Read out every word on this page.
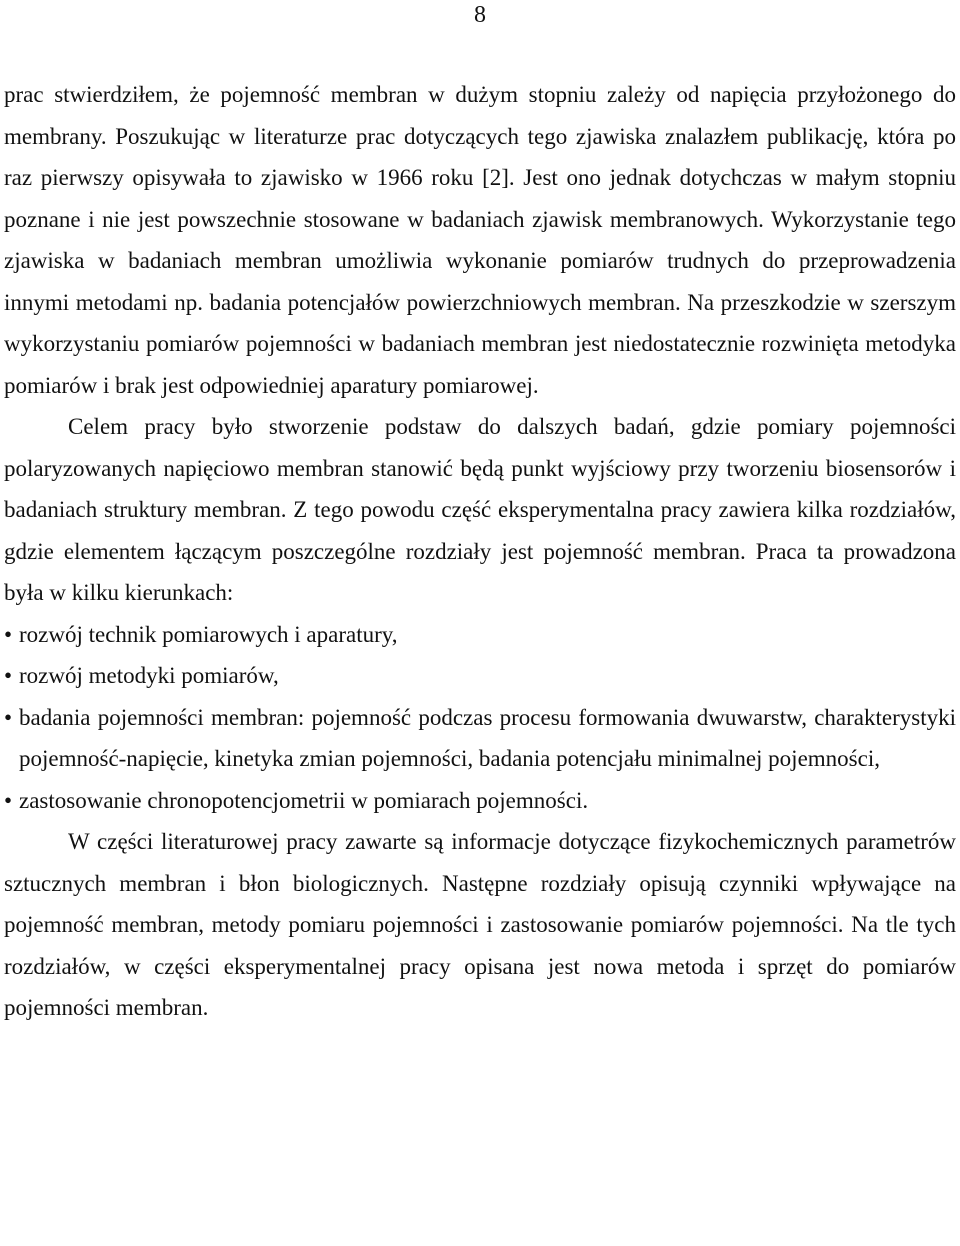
8

prac stwierdziłem, że pojemność membran w dużym stopniu zależy od napięcia przyłożonego do membrany. Poszukując w literaturze prac dotyczących tego zjawiska znalazłem publikację, która po raz pierwszy opisywała to zjawisko w 1966 roku [2]. Jest ono jednak dotychczas w małym stopniu poznane i nie jest powszechnie stosowane w badaniach zjawisk membranowych. Wykorzystanie tego zjawiska w badaniach membran umożliwia wykonanie pomiarów trudnych do przeprowadzenia innymi metodami np. badania potencjałów powierzchniowych membran. Na przeszkodzie w szerszym wykorzystaniu pomiarów pojemności w badaniach membran jest niedostatecznie rozwinięta metodyka pomiarów i brak jest odpowiedniej aparatury pomiarowej.

Celem pracy było stworzenie podstaw do dalszych badań, gdzie pomiary pojemności polaryzowanych napięciowo membran stanowić będą punkt wyjściowy przy tworzeniu biosensorów i badaniach struktury membran. Z tego powodu część eksperymentalna pracy zawiera kilka rozdziałów, gdzie elementem łączącym poszczególne rozdziały jest pojemność membran. Praca ta prowadzona była w kilku kierunkach:

• rozwój technik pomiarowych i aparatury,
• rozwój metodyki pomiarów,
• badania pojemności membran: pojemność podczas procesu formowania dwuwarstw, charakterystyki pojemność-napięcie, kinetyka zmian pojemności, badania potencjału minimalnej pojemności,
• zastosowanie chronopotencjometrii w pomiarach pojemności.

W części literaturowej pracy zawarte są informacje dotyczące fizykochemicznych parametrów sztucznych membran i błon biologicznych. Następne rozdziały opisują czynniki wpływające na pojemność membran, metody pomiaru pojemności i zastosowanie pomiarów pojemności. Na tle tych rozdziałów, w części eksperymentalnej pracy opisana jest nowa metoda i sprzęt do pomiarów pojemności membran.
